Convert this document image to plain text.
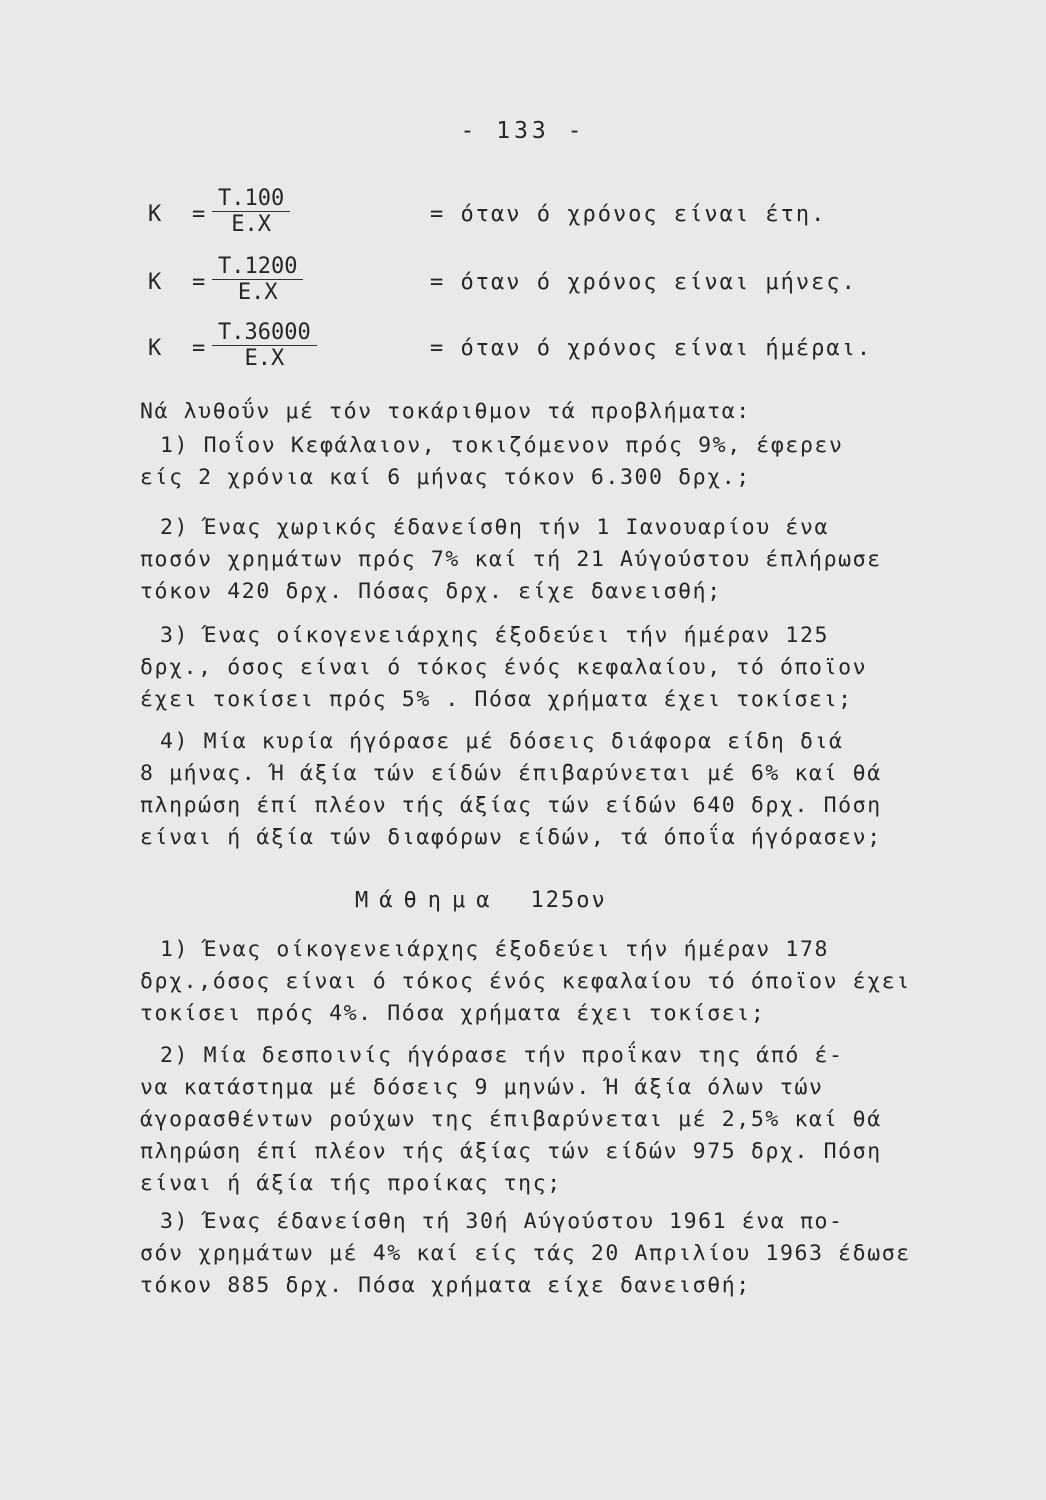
- 133 -
K =
T.100
E.X	= όταν ό χρόνος είναι έτη.
K =
T.1200
E.X	= όταν ό χρόνος είναι μήνες.
K =
T.36000
E.X	= όταν ό χρόνος είναι ήμέραι.

Νά λυθοΰν μέ τόν τοκάριθμον τά προβλήματα:

1) Ποΐον Κεφάλαιον, τοκιζόμενον πρός 9%, έφερεν
είς 2 χρόνια καί 6 μήνας τόκον 6.300 δρχ.;

2) Ένας χωρικός έδανείσθη τήν 1 Ιανουαρίου ένα
ποσόν χρημάτων πρός 7% καί τή 21 Αύγούστου έπλήρωσε τόκον 420 δρχ. Πόσας δρχ. είχε δανεισθή;

3) Ένας οίκογενειάρχης έξοδεύει τήν ήμέραν 125
δρχ., όσος είναι ό τόκος ένός κεφαλαίου, τό όποϊον έχει τοκίσει πρός 5% . Πόσα χρήματα έχει τοκίσει;

4) Μία κυρία ήγόρασε μέ δόσεις διάφορα είδη διά
8 μήνας. Ή άξία τών είδών έπιβαρύνεται μέ 6% καί θά πληρώση έπί πλέον τής άξίας τών είδών 640 δρχ. Πόση είναι ή άξία τών διαφόρων είδών, τά όποΐα ήγόρασεν;

Μάθημα 125ον

1) Ένας οίκογενειάρχης έξοδεύει τήν ήμέραν 178
δρχ.,όσος είναι ό τόκος ένός κεφαλαίου τό όποϊον έχει τοκίσει πρός 4%. Πόσα χρήματα έχει τοκίσει;

2) Μία δεσποινίς ήγόρασε τήν προΐκαν της άπό έ-
να κατάστημα μέ δόσεις 9 μηνών. Ή άξία όλων τών άγορασθέντων ρούχων της έπιβαρύνεται μέ 2,5% καί θά πληρώση έπί πλέον τής άξίας τών είδών 975 δρχ. Πόση είναι ή άξία τής προίκας της;

3) Ένας έδανείσθη τή 30ή Αύγούστου 1961 ένα πο-
σόν χρημάτων μέ 4% καί είς τάς 20 Απριλίου 1963 έδωσε τόκον 885 δρχ. Πόσα χρήματα είχε δανεισθή;
